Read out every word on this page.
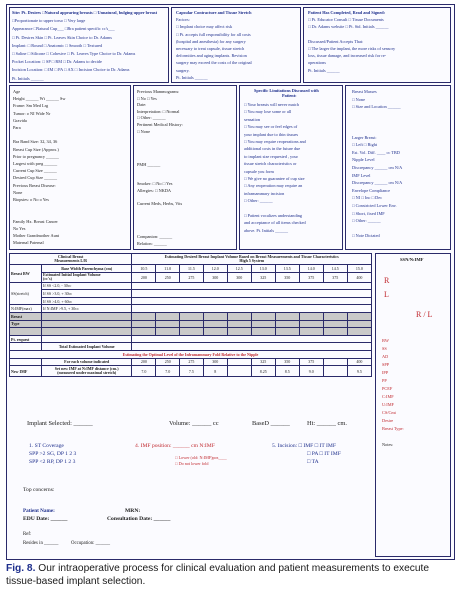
Site: Pt. Desires □Natural appearing breasts □ Unnatural, bulging upper breast
□Proportionate to upper torso □ Very large
Appearance □Natural Cup___ □Bra patient specific cc's___
□ Pt. Desires Skin □ Pt. Leaves Skin Choice to Dr. Adams
Implant: □ Round □ Anatomic □ Smooth □ Textured
□ Saline □ Silicone □ Cohesive □ Pt. Leaves Type Choice to Dr. Adams
Pocket Location: □ SP □ RM □ Dr. Adams to decide
Incision Location: □ IM □ PA □ AX □ Incision Choice to Dr. Adams
Pt. Initials ______
Capsular Contracture and Tissue Stretch
Factors:
□ Implant choice may affect risk
□ Pt. accepts full responsibility for all costs
(hospital and anesthesia) for any surgery
necessary to treat capsule, tissue stretch
deformities and aging implants. Revision
surgery may exceed the costs of the original
surgery.
Pt. Initials ______
Patient Has Completed, Read and Signed:
□ Pt. Educator Consult □ Tissue Documents
□ Dr. Adams website □ Pt. Std. Initials ______
Discussed/Patient Accepts That:
□ The larger the implant, the more risks of sensory
loss, tissue damage, and increased risk for re-
operations
Pt. Initials ______
Age
Height ______ Wt ______ Sw
Frame: Sm Med Lrg
Tumor: o NI Wide Nr
Gravida
Para
Bra Band Size: 32, 34, 36
Breast Cup Size (Approx.)
Prior to pregnancy ______
Largest with preg ______
Current Cup Size ______
Desired Cup Size ______
Previous Breast Disease:
None
Biopsies: o No o Yes
Family Hx. Breast Cancer
No Yes
Mother Grandmother Aunt
Maternal Paternal
Previous Mammograms:
□ No □ Yes
Date:
Interpretation: □ Normal
□ Other: ______
Pertinent Medical History:
□ None
PMH ______
Smoker: □ No □ Yes
Allergies: □ NKDA
Current Meds, Herbs, Vits
Companion: ______
Relation: ______
Specific Limitations Discussed with
Patient:
□ Your breasts will never match
□ You may lose some or all
sensation
□ You may see or feel edges of
your implant due to thin tissues
□ You may require reoperations and
additional costs in the future due
to implant size requested , your
tissue stretch characteristics or
capsule you form
□ We give no guarantee of cup size
□ Any reoperation may require an
inframammary incision
□ Other: ______
□ Patient vocalizes understanding
and acceptance of all items checked
above. Pt. Initials ______
Breast Masses
□ None
□ Size and Location ______
Larger Breast:
□ Left □ Right
Est. Vol. Diff. ____ cc TBD
Nipple Level
Discrepancy ______ cm N/A
IMF Level
Discrepancy ______ cm N/A
Envelope Compliance
□ NI □ Inc □ Dec
□ Constricted Lower Env.
□ Short, fixed IMF
□ Other: ______
□ Note Dictated
Clinical Breast
Measurements L/R		Estimating Desired Breast Implant Volume Based on Breast Measurements and Tissue Characteristics
High 5 System									
Breast BW	Base Width Parenchyma (cm)	10.5	11.0	11.5	12.0	12.5	13.0	13.5	14.0	14.5	15.0
	Estimated Initial Implant Volume
(cc's)	200	250	275	300	300	325	350	375	375	400
SS(stretch)	If SS <2.0, - 30cc										
	If SS >3.0, + 30cc										
	If SS >4.0, + 60cc										
N:IMF(max)	If N:IMF >9.5, + 30cc										
Breast											
Type											

Pt. request											
	Total Estimated Implant Volume										
Estimating the Optimal Level of the Inframammary Fold Relative to the Nipple											
	For each volume indicated	200	250	275	300		325	350	375		400
New IMF	Set new IMF at N:IMF distance (cm.)
(measured under maximal stretch)	7.0	7.0	7.5	8		8.25	8.5	9.0		9.5
SSN/N:IMF
R
L
R / L
BW
SS
AD
SPP
IPP
PP
PCEF
C:IMF
U:IMF
CS/Cmt
Desire
Breast Type:
Notes:
Implant Selected: ______	Volume: ______ cc	BaseD ______	Ht: ______ cm.
1. ST Coverage
SPP >2 SG, DP 1 2 3
SPP <2 RP, DP 1 2 3
4. IMF position: ______ cm N:IMF
□ Lower (old: N:IMF)pos____
□ Do not lower fold
5. Incision: □ IMF □ IT IMF
□ PA □ IT IMF
□ TA
Top concerns:
Patient Name:	MRN:
EDU Date: ______	Consultation Date: ______
Ref:
Resides in ______	Occupation: ______
Fig. 8. Our intraoperative process for clinical evaluation and patient measurements to execute tissue-based implant selection.
